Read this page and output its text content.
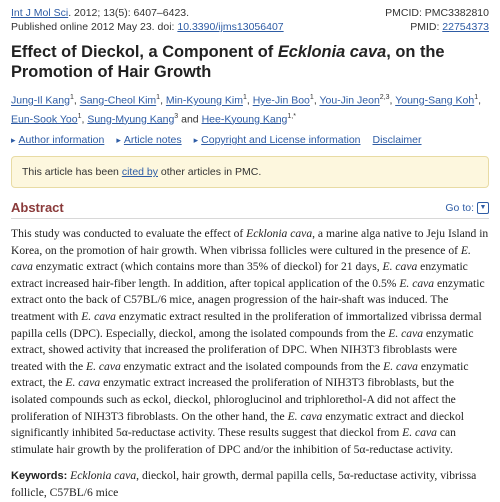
Int J Mol Sci. 2012; 13(5): 6407–6423.
Published online 2012 May 23. doi: 10.3390/ijms13056407
PMCID: PMC3382810
PMID: 22754373
Effect of Dieckol, a Component of Ecklonia cava, on the Promotion of Hair Growth
Jung-Il Kang$^1$, Sang-Cheol Kim$^1$, Min-Kyoung Kim$^1$, Hye-Jin Boo$^1$, You-Jin Jeon$^{2,3}$, Young-Sang Koh$^1$, Eun-Sook Yoo$^1$, Sung-Myung Kang$^3$ and Hee-Kyoung Kang$^{1,*}$
▸ Author information ▸ Article notes ▸ Copyright and License information Disclaimer
This article has been cited by other articles in PMC.
Abstract	Go to: ▼
This study was conducted to evaluate the effect of Ecklonia cava, a marine alga native to Jeju Island in Korea, on the promotion of hair growth. When vibrissa follicles were cultured in the presence of E. cava enzymatic extract (which contains more than 35% of dieckol) for 21 days, E. cava enzymatic extract increased hair-fiber length. In addition, after topical application of the 0.5% E. cava enzymatic extract onto the back of C57BL/6 mice, anagen progression of the hair-shaft was induced. The treatment with E. cava enzymatic extract resulted in the proliferation of immortalized vibrissa dermal papilla cells (DPC). Especially, dieckol, among the isolated compounds from the E. cava enzymatic extract, showed activity that increased the proliferation of DPC. When NIH3T3 fibroblasts were treated with the E. cava enzymatic extract and the isolated compounds from the E. cava enzymatic extract, the E. cava enzymatic extract increased the proliferation of NIH3T3 fibroblasts, but the isolated compounds such as eckol, dieckol, phloroglucinol and triphlorethol-A did not affect the proliferation of NIH3T3 fibroblasts. On the other hand, the E. cava enzymatic extract and dieckol significantly inhibited 5α-reductase activity. These results suggest that dieckol from E. cava can stimulate hair growth by the proliferation of DPC and/or the inhibition of 5α-reductase activity.
Keywords: Ecklonia cava, dieckol, hair growth, dermal papilla cells, 5α-reductase activity, vibrissa follicle, C57BL/6 mice
